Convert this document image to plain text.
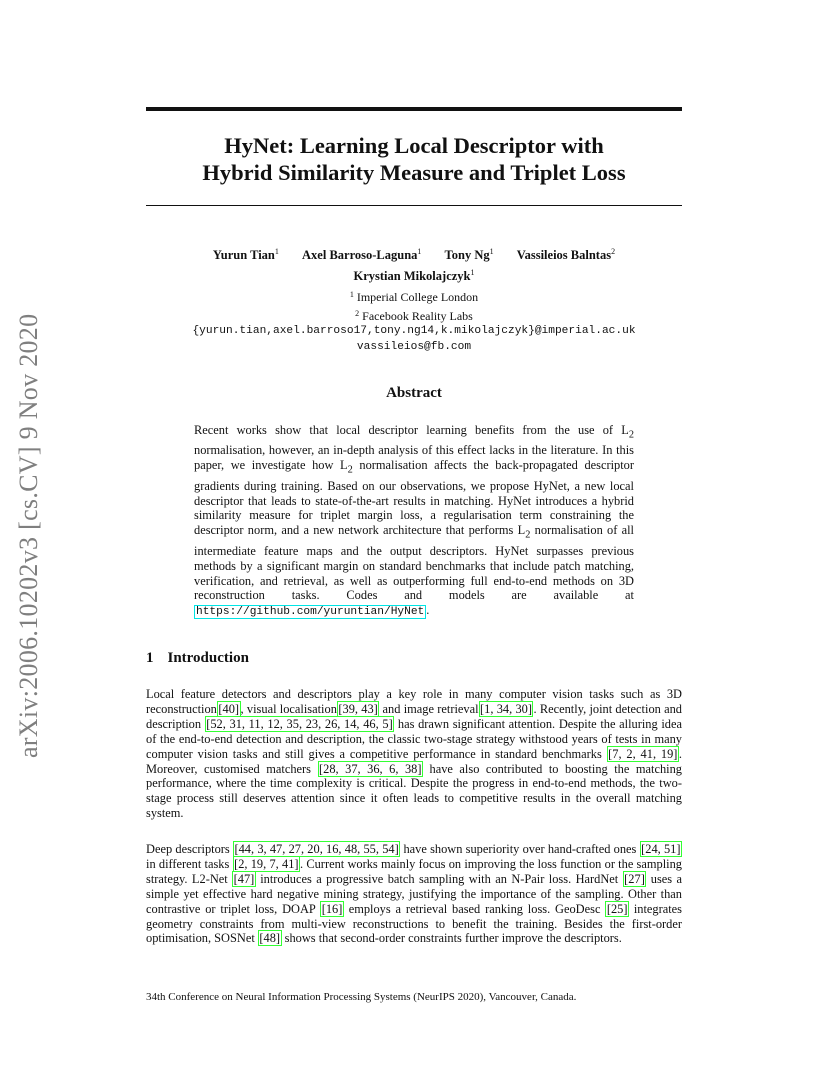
arXiv:2006.10202v3 [cs.CV] 9 Nov 2020
HyNet: Learning Local Descriptor with
Hybrid Similarity Measure and Triplet Loss
Yurun Tian$^1$ Axel Barroso-Laguna$^1$ Tony Ng$^1$ Vassileios Balntas$^2$
Krystian Mikolajczyk$^1$
$^1$ Imperial College London
$^2$ Facebook Reality Labs
{yurun.tian,axel.barroso17,tony.ng14,k.mikolajczyk}@imperial.ac.uk
vassileios@fb.com
Abstract
Recent works show that local descriptor learning benefits from the use of $L_2$ normalisation, however, an in-depth analysis of this effect lacks in the literature. In this paper, we investigate how $L_2$ normalisation affects the back-propagated descriptor gradients during training. Based on our observations, we propose HyNet, a new local descriptor that leads to state-of-the-art results in matching. HyNet introduces a hybrid similarity measure for triplet margin loss, a regularisation term constraining the descriptor norm, and a new network architecture that performs $L_2$ normalisation of all intermediate feature maps and the output descriptors. HyNet surpasses previous methods by a significant margin on standard benchmarks that include patch matching, verification, and retrieval, as well as outperforming full end-to-end methods on 3D reconstruction tasks. Codes and models are available at https://github.com/yuruntian/HyNet .
1 Introduction
Local feature detectors and descriptors play a key role in many computer vision tasks such as 3D reconstruction [40] , visual localisation [39, 43] and image retrieval [1, 34, 30] . Recently, joint detection and description [52, 31, 11, 12, 35, 23, 26, 14, 46, 5] has drawn significant attention. Despite the alluring idea of the end-to-end detection and description, the classic two-stage strategy withstood years of tests in many computer vision tasks and still gives a competitive performance in standard benchmarks [7, 2, 41, 19] . Moreover, customised matchers [28, 37, 36, 6, 38] have also contributed to boosting the matching performance, where the time complexity is critical. Despite the progress in end-to-end methods, the two-stage process still deserves attention since it often leads to competitive results in the overall matching system.
Deep descriptors [44, 3, 47, 27, 20, 16, 48, 55, 54] have shown superiority over hand-crafted ones [24, 51] in different tasks [2, 19, 7, 41] . Current works mainly focus on improving the loss function or the sampling strategy. L2-Net [47] introduces a progressive batch sampling with an N-Pair loss. HardNet [27] uses a simple yet effective hard negative mining strategy, justifying the importance of the sampling. Other than contrastive or triplet loss, DOAP [16] employs a retrieval based ranking loss. GeoDesc [25] integrates geometry constraints from multi-view reconstructions to benefit the training. Besides the first-order optimisation, SOSNet [48] shows that second-order constraints further improve the descriptors.
34th Conference on Neural Information Processing Systems (NeurIPS 2020), Vancouver, Canada.
